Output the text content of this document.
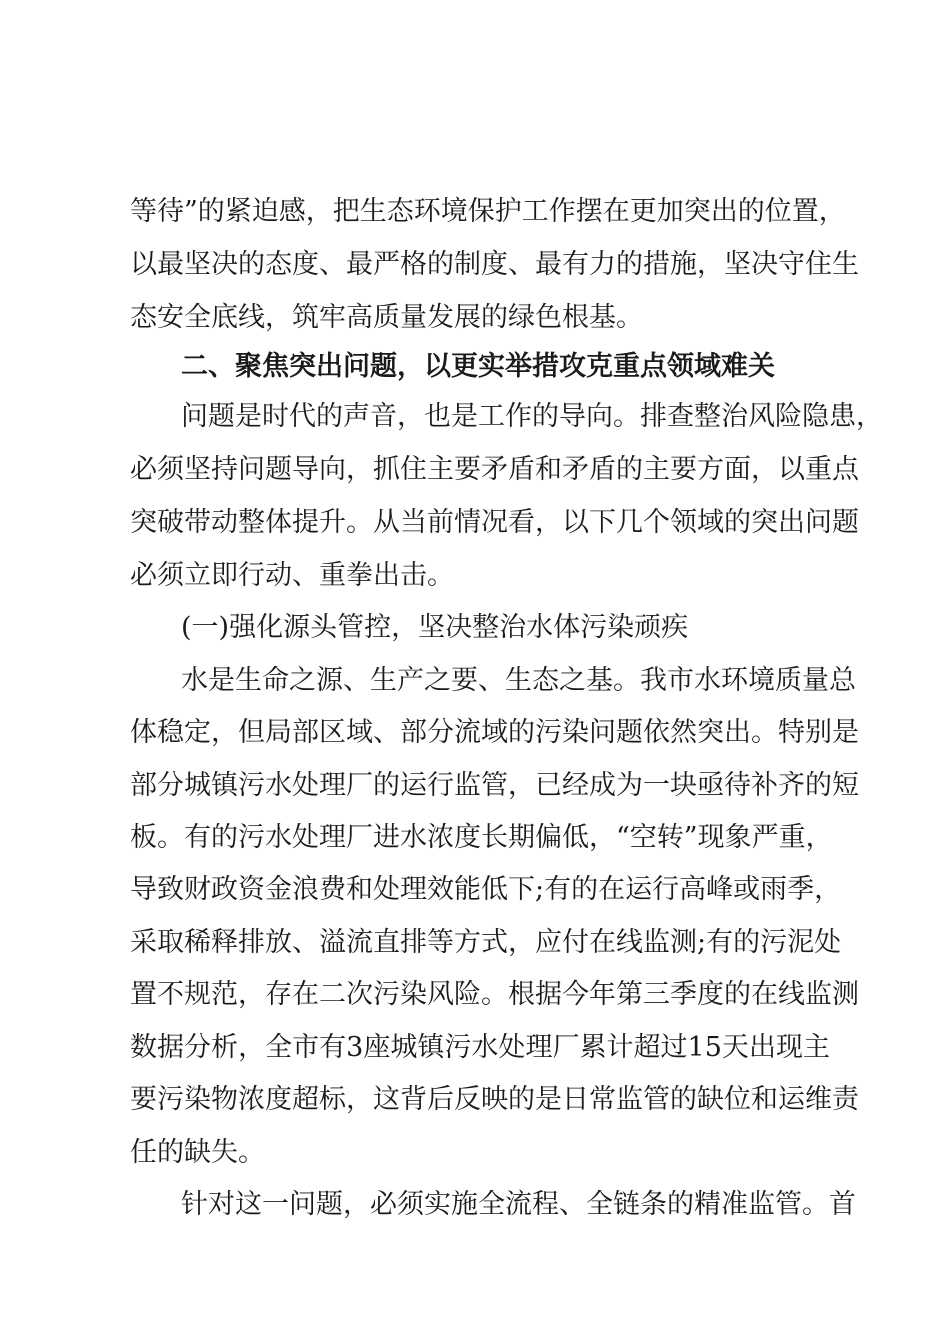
等待”的紧迫感，把生态环境保护工作摆在更加突出的位置，
以最坚决的态度、最严格的制度、最有力的措施，坚决守住生
态安全底线，筑牢高质量发展的绿色根基。
二、聚焦突出问题，以更实举措攻克重点领域难关
问题是时代的声音，也是工作的导向。排查整治风险隐患，
必须坚持问题导向，抓住主要矛盾和矛盾的主要方面，以重点
突破带动整体提升。从当前情况看，以下几个领域的突出问题
必须立即行动、重拳出击。
(一)强化源头管控，坚决整治水体污染顽疾
水是生命之源、生产之要、生态之基。我市水环境质量总
体稳定，但局部区域、部分流域的污染问题依然突出。特别是
部分城镇污水处理厂的运行监管，已经成为一块亟待补齐的短
板。有的污水处理厂进水浓度长期偏低，“空转”现象严重，
导致财政资金浪费和处理效能低下;有的在运行高峰或雨季，
采取稀释排放、溢流直排等方式，应付在线监测;有的污泥处
置不规范，存在二次污染风险。根据今年第三季度的在线监测
数据分析，全市有3座城镇污水处理厂累计超过15天出现主
要污染物浓度超标，这背后反映的是日常监管的缺位和运维责
任的缺失。
针对这一问题，必须实施全流程、全链条的精准监管。首
